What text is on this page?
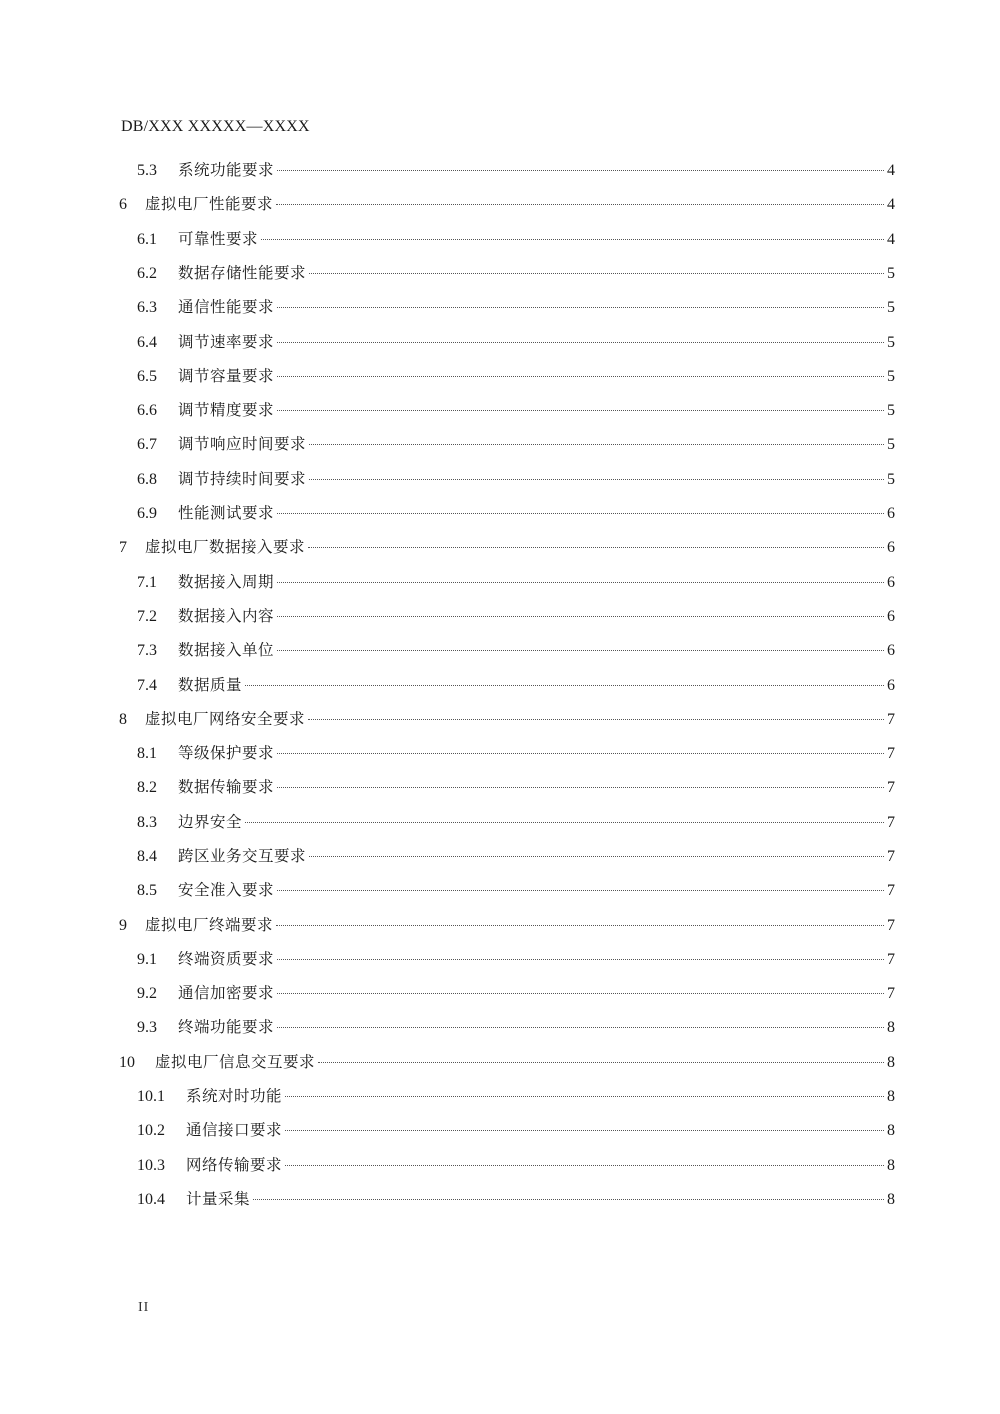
DB/XXX XXXXX—XXXX
5.3	系统功能要求	4
6	虚拟电厂性能要求	4
6.1	可靠性要求	4
6.2	数据存储性能要求	5
6.3	通信性能要求	5
6.4	调节速率要求	5
6.5	调节容量要求	5
6.6	调节精度要求	5
6.7	调节响应时间要求	5
6.8	调节持续时间要求	5
6.9	性能测试要求	6
7	虚拟电厂数据接入要求	6
7.1	数据接入周期	6
7.2	数据接入内容	6
7.3	数据接入单位	6
7.4	数据质量	6
8	虚拟电厂网络安全要求	7
8.1	等级保护要求	7
8.2	数据传输要求	7
8.3	边界安全	7
8.4	跨区业务交互要求	7
8.5	安全准入要求	7
9	虚拟电厂终端要求	7
9.1	终端资质要求	7
9.2	通信加密要求	7
9.3	终端功能要求	8
10	虚拟电厂信息交互要求	8
10.1	系统对时功能	8
10.2	通信接口要求	8
10.3	网络传输要求	8
10.4	计量采集	8
II
